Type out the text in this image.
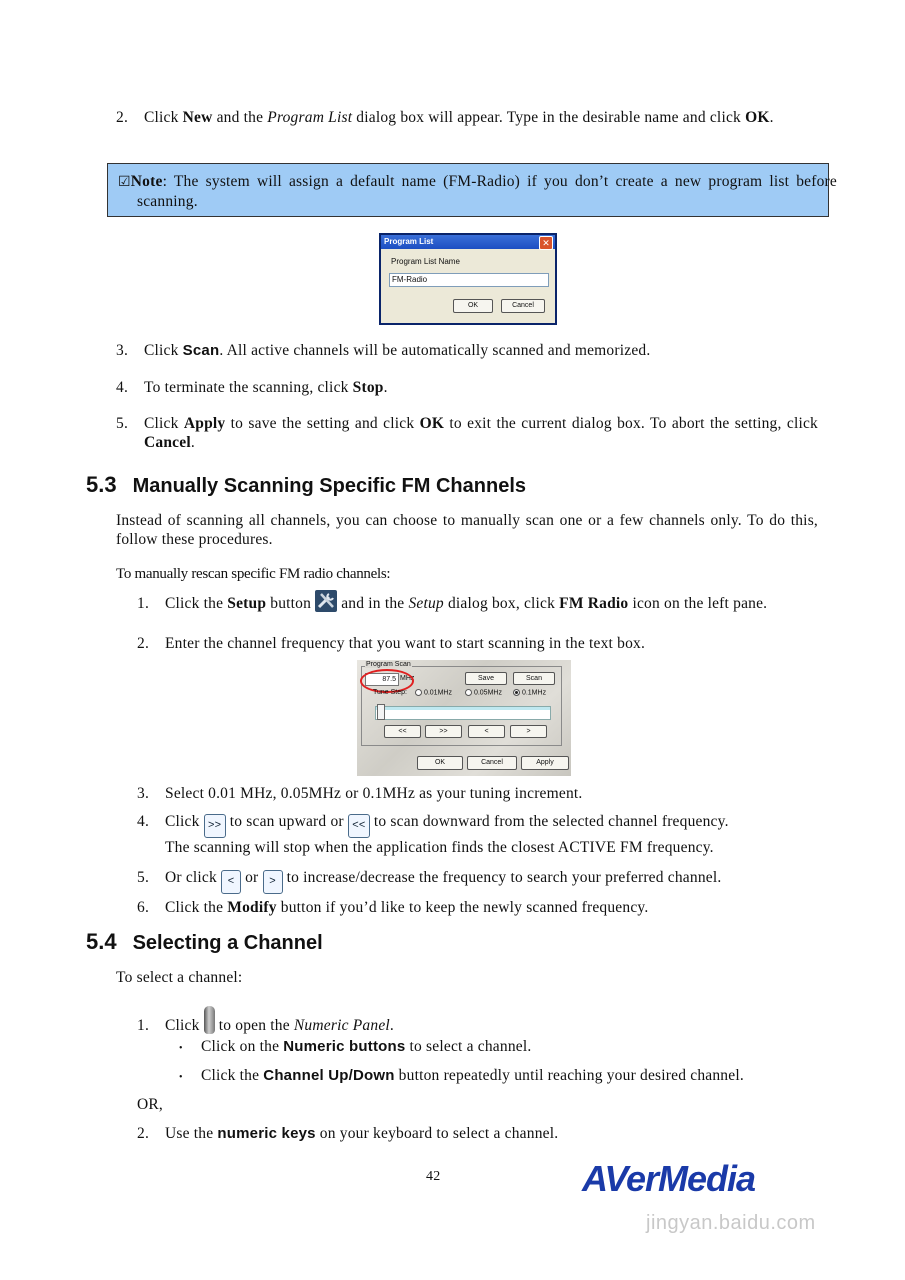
2. Click New and the Program List dialog box will appear. Type in the desirable name and click OK.
☑Note: The system will assign a default name (FM-Radio) if you don’t create a new program list before scanning.
Program List	✕
Program List Name
FM-Radio
OK	Cancel
3. Click Scan. All active channels will be automatically scanned and memorized.
4. To terminate the scanning, click Stop.
5. Click Apply to save the setting and click OK to exit the current dialog box. To abort the setting, click Cancel.
5.3 Manually Scanning Specific FM Channels
Instead of scanning all channels, you can choose to manually scan one or a few channels only. To do this, follow these procedures.
To manually rescan specific FM radio channels:
1. Click the Setup button  and in the Setup dialog box, click FM Radio icon on the left pane.
2. Enter the channel frequency that you want to start scanning in the text box.
Program Scan
87.5 MHz	Save	Scan
Tune Step:	0.01MHz	0.05MHz	0.1MHz
<<	>>	<	>
OK	Cancel	Apply
3. Select 0.01 MHz, 0.05MHz or 0.1MHz as your tuning increment.
4. Click >> to scan upward or << to scan downward from the selected channel frequency.
The scanning will stop when the application finds the closest ACTIVE FM frequency.
5. Or click < or > to increase/decrease the frequency to search your preferred channel.
6. Click the Modify button if you’d like to keep the newly scanned frequency.
5.4 Selecting a Channel
To select a channel:
1. Click  to open the Numeric Panel.
• Click on the Numeric buttons to select a channel.
• Click the Channel Up/Down button repeatedly until reaching your desired channel.
OR,
2. Use the numeric keys on your keyboard to select a channel.
42	AVerMedia
jingyan.baidu.com
